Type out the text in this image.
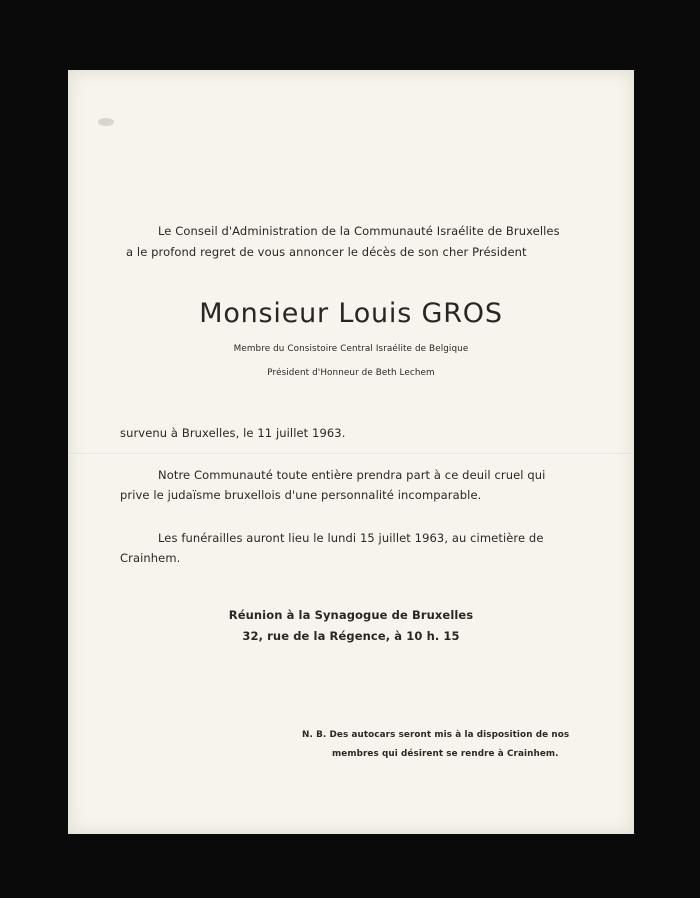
Le Conseil d'Administration de la Communauté Israélite de Bruxelles
a le profond regret de vous annoncer le décès de son cher Président
Monsieur Louis GROS
Membre du Consistoire Central Israélite de Belgique
Président d'Honneur de Beth Lechem
survenu à Bruxelles, le 11 juillet 1963.
Notre Communauté toute entière prendra part à ce deuil cruel qui
prive le judaïsme bruxellois d'une personnalité incomparable.
Les funérailles auront lieu le lundi 15 juillet 1963, au cimetière de
Crainhem.
Réunion à la Synagogue de Bruxelles
32, rue de la Régence, à 10 h. 15
N. B. Des autocars seront mis à la disposition de nos
membres qui désirent se rendre à Crainhem.
